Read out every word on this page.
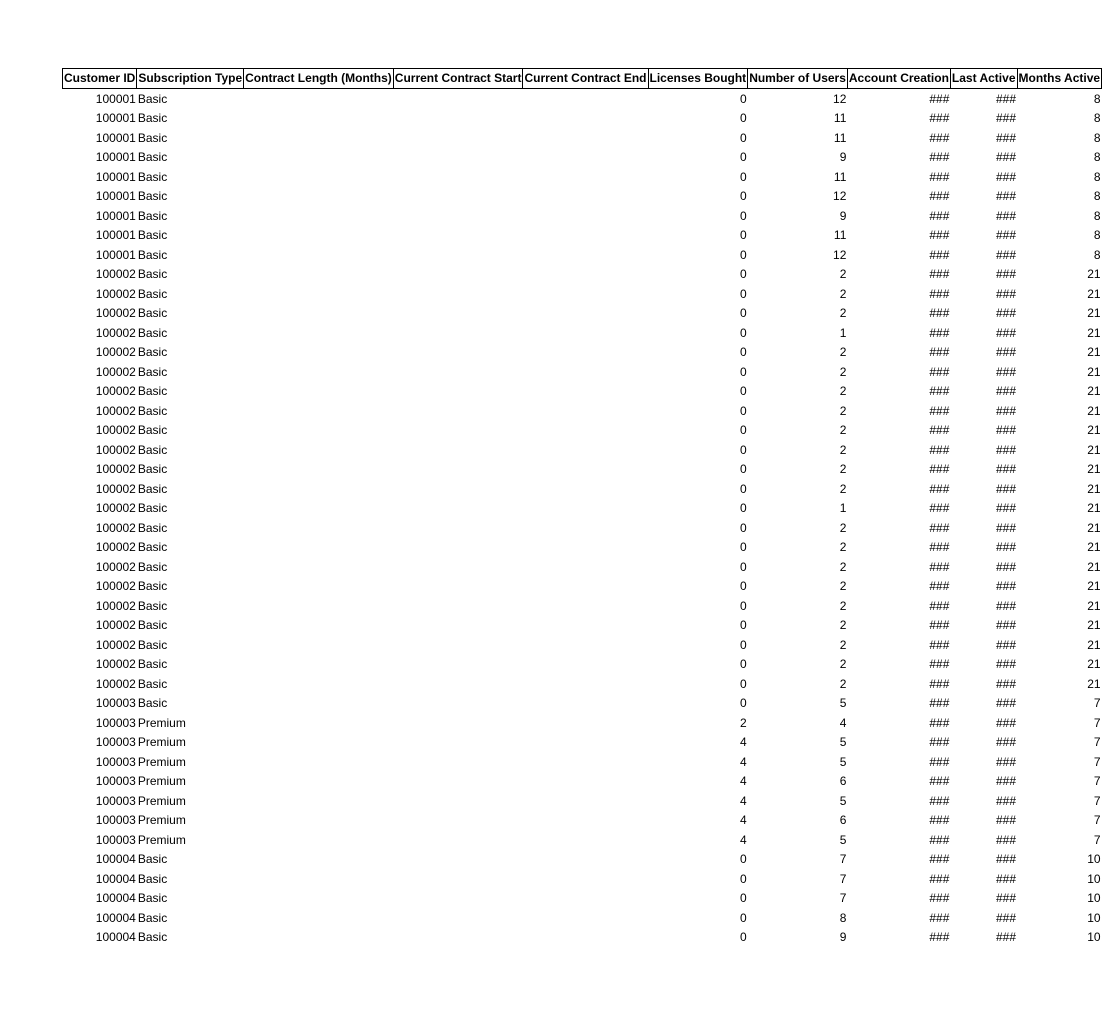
Customer ID	Subscription Type	Contract Length (Months)	Current Contract Start	Current Contract End	Licenses Bought	Number of Users	Account Creation	Last Active	Months Active
100001	Basic				0	12	###	###	8
100001	Basic				0	11	###	###	8
100001	Basic				0	11	###	###	8
100001	Basic				0	9	###	###	8
100001	Basic				0	11	###	###	8
100001	Basic				0	12	###	###	8
100001	Basic				0	9	###	###	8
100001	Basic				0	11	###	###	8
100001	Basic				0	12	###	###	8
100002	Basic				0	2	###	###	21
100002	Basic				0	2	###	###	21
100002	Basic				0	2	###	###	21
100002	Basic				0	1	###	###	21
100002	Basic				0	2	###	###	21
100002	Basic				0	2	###	###	21
100002	Basic				0	2	###	###	21
100002	Basic				0	2	###	###	21
100002	Basic				0	2	###	###	21
100002	Basic				0	2	###	###	21
100002	Basic				0	2	###	###	21
100002	Basic				0	2	###	###	21
100002	Basic				0	1	###	###	21
100002	Basic				0	2	###	###	21
100002	Basic				0	2	###	###	21
100002	Basic				0	2	###	###	21
100002	Basic				0	2	###	###	21
100002	Basic				0	2	###	###	21
100002	Basic				0	2	###	###	21
100002	Basic				0	2	###	###	21
100002	Basic				0	2	###	###	21
100002	Basic				0	2	###	###	21
100003	Basic				0	5	###	###	7
100003	Premium				2	4	###	###	7
100003	Premium				4	5	###	###	7
100003	Premium				4	5	###	###	7
100003	Premium				4	6	###	###	7
100003	Premium				4	5	###	###	7
100003	Premium				4	6	###	###	7
100003	Premium				4	5	###	###	7
100004	Basic				0	7	###	###	10
100004	Basic				0	7	###	###	10
100004	Basic				0	7	###	###	10
100004	Basic				0	8	###	###	10
100004	Basic				0	9	###	###	10
